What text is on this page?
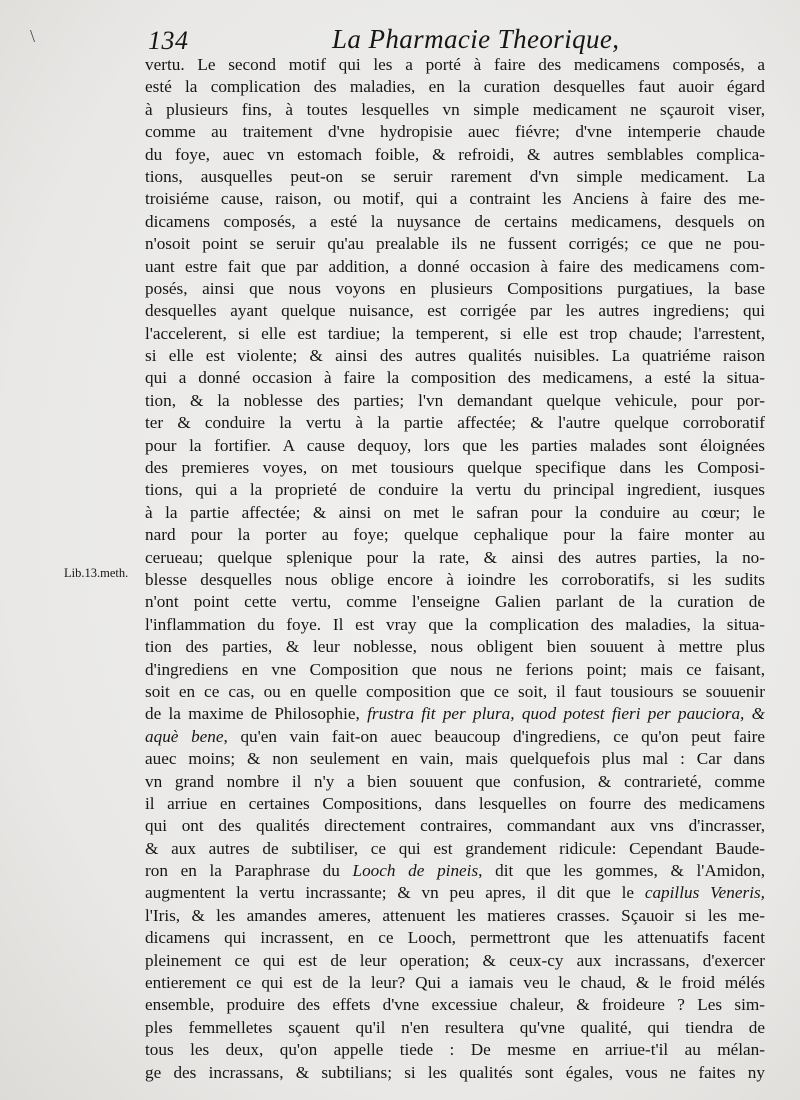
\	134	La Pharmacie Theorique,
Lib.13.meth.
vertu. Le second motif qui les a porté à faire des medicamens composés, a
esté la complication des maladies, en la curation desquelles faut auoir égard
à plusieurs fins, à toutes lesquelles vn simple medicament ne sçauroit viser,
comme au traitement d'vne hydropisie auec fiévre; d'vne intemperie chaude
du foye, auec vn estomach foible, & refroidi, & autres semblables complica-
tions, ausquelles peut-on se seruir rarement d'vn simple medicament. La
troisiéme cause, raison, ou motif, qui a contraint les Anciens à faire des me-
dicamens composés, a esté la nuysance de certains medicamens, desquels on
n'osoit point se seruir qu'au prealable ils ne fussent corrigés; ce que ne pou-
uant estre fait que par addition, a donné occasion à faire des medicamens com-
posés, ainsi que nous voyons en plusieurs Compositions purgatiues, la base
desquelles ayant quelque nuisance, est corrigée par les autres ingrediens; qui
l'accelerent, si elle est tardiue; la temperent, si elle est trop chaude; l'arrestent,
si elle est violente; & ainsi des autres qualités nuisibles. La quatriéme raison
qui a donné occasion à faire la composition des medicamens, a esté la situa-
tion, & la noblesse des parties; l'vn demandant quelque vehicule, pour por-
ter & conduire la vertu à la partie affectée; & l'autre quelque corroboratif
pour la fortifier. A cause dequoy, lors que les parties malades sont éloignées
des premieres voyes, on met tousiours quelque specifique dans les Composi-
tions, qui a la proprieté de conduire la vertu du principal ingredient, iusques
à la partie affectée; & ainsi on met le safran pour la conduire au cœur; le
nard pour la porter au foye; quelque cephalique pour la faire monter au
cerueau; quelque splenique pour la rate, & ainsi des autres parties, la no-
blesse desquelles nous oblige encore à ioindre les corroboratifs, si les sudits
n'ont point cette vertu, comme l'enseigne Galien parlant de la curation de
l'inflammation du foye. Il est vray que la complication des maladies, la situa-
tion des parties, & leur noblesse, nous obligent bien souuent à mettre plus
d'ingrediens en vne Composition que nous ne ferions point; mais ce faisant,
soit en ce cas, ou en quelle composition que ce soit, il faut tousiours se souuenir
de la maxime de Philosophie, frustra fit per plura, quod potest fieri per pauciora, &
aquè bene, qu'en vain fait-on auec beaucoup d'ingrediens, ce qu'on peut faire
auec moins; & non seulement en vain, mais quelquefois plus mal : Car dans
vn grand nombre il n'y a bien souuent que confusion, & contrarieté, comme
il arriue en certaines Compositions, dans lesquelles on fourre des medicamens
qui ont des qualités directement contraires, commandant aux vns d'incrasser,
& aux autres de subtiliser, ce qui est grandement ridicule: Cependant Baude-
ron en la Paraphrase du Looch de pineis, dit que les gommes, & l'Amidon,
augmentent la vertu incrassante; & vn peu apres, il dit que le capillus Veneris,
l'Iris, & les amandes ameres, attenuent les matieres crasses. Sçauoir si les me-
dicamens qui incrassent, en ce Looch, permettront que les attenuatifs facent
pleinement ce qui est de leur operation; & ceux-cy aux incrassans, d'exercer
entierement ce qui est de la leur? Qui a iamais veu le chaud, & le froid mélés
ensemble, produire des effets d'vne excessiue chaleur, & froideure ? Les sim-
ples femmelletes sçauent qu'il n'en resultera qu'vne qualité, qui tiendra de
tous les deux, qu'on appelle tiede : De mesme en arriue-t'il au mélan-
ge des incrassans, & subtilians; si les qualités sont égales, vous ne faites ny
